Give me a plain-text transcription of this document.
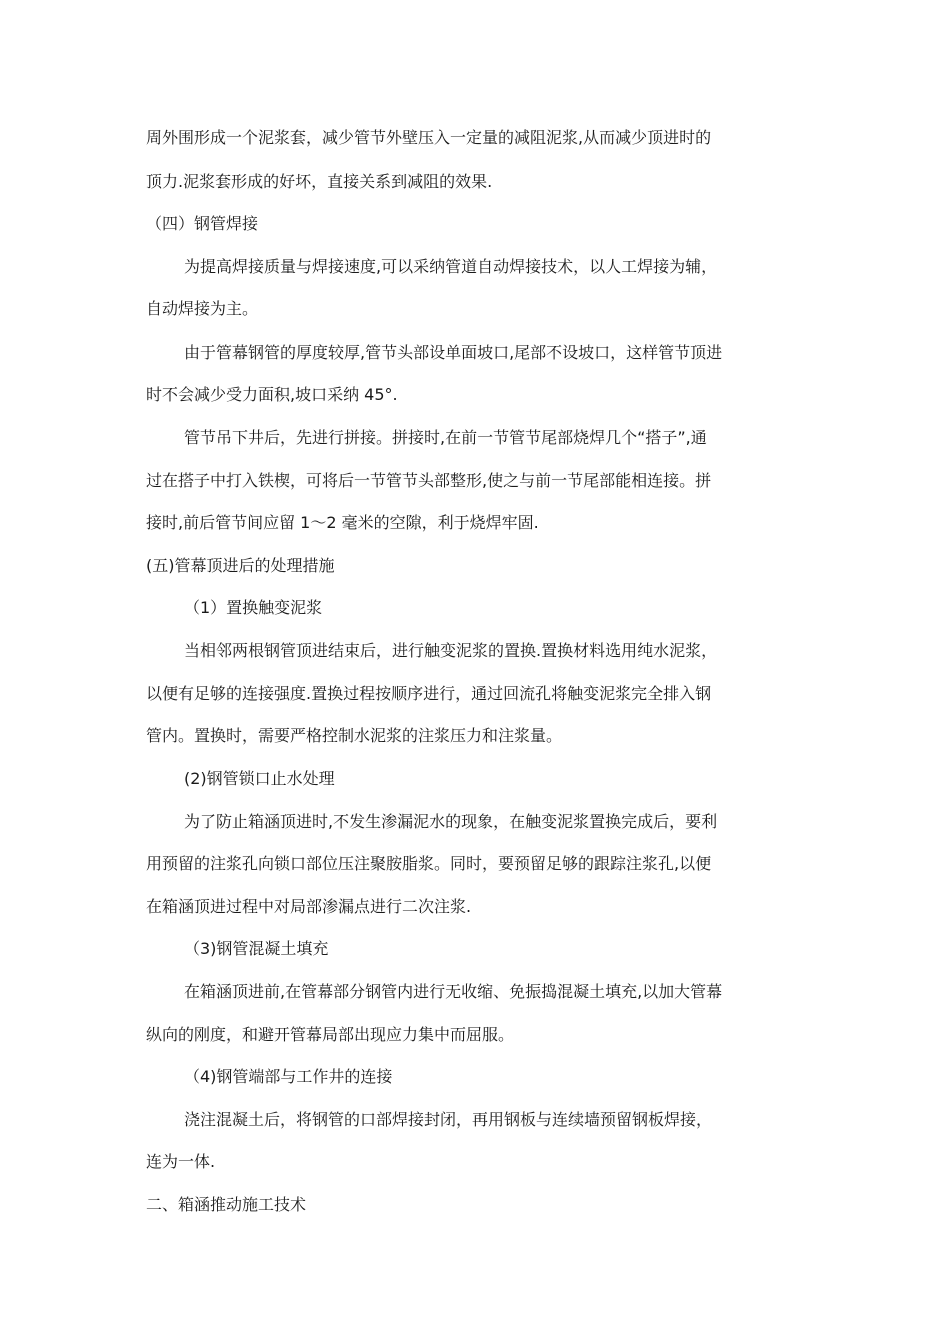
周外围形成一个泥浆套，减少管节外壁压入一定量的减阻泥浆,从而减少顶进时的
顶力.泥浆套形成的好坏，直接关系到减阻的效果.
（四）钢管焊接
为提高焊接质量与焊接速度,可以采纳管道自动焊接技术，以人工焊接为辅，
自动焊接为主。
由于管幕钢管的厚度较厚,管节头部设单面坡口,尾部不设坡口，这样管节顶进
时不会减少受力面积,坡口采纳 45°.
管节吊下井后，先进行拼接。拼接时,在前一节管节尾部烧焊几个“搭子”,通
过在搭子中打入铁楔，可将后一节管节头部整形,使之与前一节尾部能相连接。拼
接时,前后管节间应留 1～2 毫米的空隙，利于烧焊牢固.
(五)管幕顶进后的处理措施
（1）置换触变泥浆
当相邻两根钢管顶进结束后，进行触变泥浆的置换.置换材料选用纯水泥浆，
以便有足够的连接强度.置换过程按顺序进行，通过回流孔将触变泥浆完全排入钢
管内。置换时，需要严格控制水泥浆的注浆压力和注浆量。
(2)钢管锁口止水处理
为了防止箱涵顶进时,不发生渗漏泥水的现象，在触变泥浆置换完成后，要利
用预留的注浆孔向锁口部位压注聚胺脂浆。同时，要预留足够的跟踪注浆孔,以便
在箱涵顶进过程中对局部渗漏点进行二次注浆.
（3)钢管混凝土填充
在箱涵顶进前,在管幕部分钢管内进行无收缩、免振捣混凝土填充,以加大管幕
纵向的刚度，和避开管幕局部出现应力集中而屈服。
（4)钢管端部与工作井的连接
浇注混凝土后，将钢管的口部焊接封闭，再用钢板与连续墙预留钢板焊接，
连为一体.
二、箱涵推动施工技术
